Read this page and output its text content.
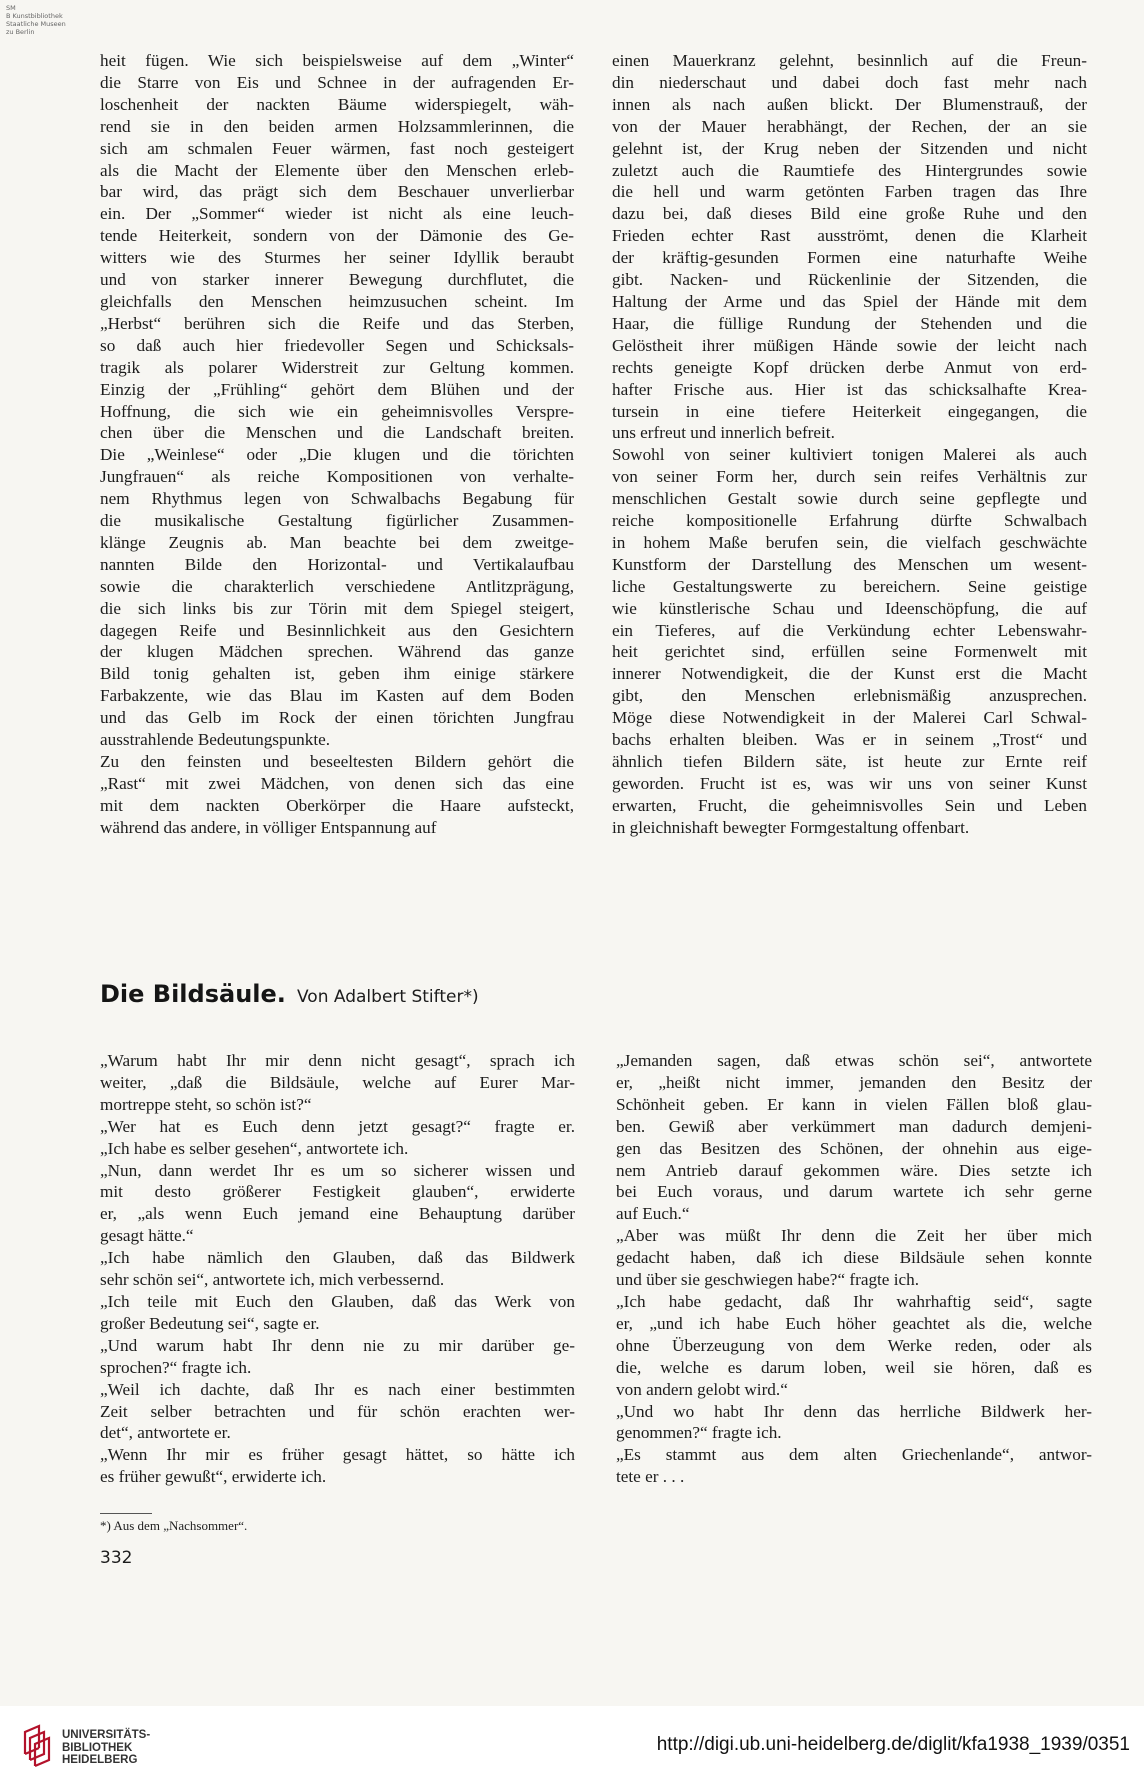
SM
B Kunstbibliothek
Staatliche Museen
zu Berlin
heit fügen. Wie sich beispielsweise auf dem „Winter“
die Starre von Eis und Schnee in der aufragenden Er-
loschenheit der nackten Bäume widerspiegelt, wäh-
rend sie in den beiden armen Holzsammlerinnen, die
sich am schmalen Feuer wärmen, fast noch gesteigert
als die Macht der Elemente über den Menschen erleb-
bar wird, das prägt sich dem Beschauer unverlierbar
ein. Der „Sommer“ wieder ist nicht als eine leuch-
tende Heiterkeit, sondern von der Dämonie des Ge-
witters wie des Sturmes her seiner Idyllik beraubt
und von starker innerer Bewegung durchflutet, die
gleichfalls den Menschen heimzusuchen scheint. Im
„Herbst“ berühren sich die Reife und das Sterben,
so daß auch hier friedevoller Segen und Schicksals-
tragik als polarer Widerstreit zur Geltung kommen.
Einzig der „Frühling“ gehört dem Blühen und der
Hoffnung, die sich wie ein geheimnisvolles Verspre-
chen über die Menschen und die Landschaft breiten.
Die „Weinlese“ oder „Die klugen und die törichten
Jungfrauen“ als reiche Kompositionen von verhalte-
nem Rhythmus legen von Schwalbachs Begabung für
die musikalische Gestaltung figürlicher Zusammen-
klänge Zeugnis ab. Man beachte bei dem zweitge-
nannten Bilde den Horizontal- und Vertikalaufbau
sowie die charakterlich verschiedene Antlitzprägung,
die sich links bis zur Törin mit dem Spiegel steigert,
dagegen Reife und Besinnlichkeit aus den Gesichtern
der klugen Mädchen sprechen. Während das ganze
Bild tonig gehalten ist, geben ihm einige stärkere
Farbakzente, wie das Blau im Kasten auf dem Boden
und das Gelb im Rock der einen törichten Jungfrau
ausstrahlende Bedeutungspunkte.
Zu den feinsten und beseeltesten Bildern gehört die
„Rast“ mit zwei Mädchen, von denen sich das eine
mit dem nackten Oberkörper die Haare aufsteckt,
während das andere, in völliger Entspannung auf
einen Mauerkranz gelehnt, besinnlich auf die Freun-
din niederschaut und dabei doch fast mehr nach
innen als nach außen blickt. Der Blumenstrauß, der
von der Mauer herabhängt, der Rechen, der an sie
gelehnt ist, der Krug neben der Sitzenden und nicht
zuletzt auch die Raumtiefe des Hintergrundes sowie
die hell und warm getönten Farben tragen das Ihre
dazu bei, daß dieses Bild eine große Ruhe und den
Frieden echter Rast ausströmt, denen die Klarheit
der kräftig-gesunden Formen eine naturhafte Weihe
gibt. Nacken- und Rückenlinie der Sitzenden, die
Haltung der Arme und das Spiel der Hände mit dem
Haar, die füllige Rundung der Stehenden und die
Gelöstheit ihrer müßigen Hände sowie der leicht nach
rechts geneigte Kopf drücken derbe Anmut von erd-
hafter Frische aus. Hier ist das schicksalhafte Krea-
tursein in eine tiefere Heiterkeit eingegangen, die
uns erfreut und innerlich befreit.
Sowohl von seiner kultiviert tonigen Malerei als auch
von seiner Form her, durch sein reifes Verhältnis zur
menschlichen Gestalt sowie durch seine gepflegte und
reiche kompositionelle Erfahrung dürfte Schwalbach
in hohem Maße berufen sein, die vielfach geschwächte
Kunstform der Darstellung des Menschen um wesent-
liche Gestaltungswerte zu bereichern. Seine geistige
wie künstlerische Schau und Ideenschöpfung, die auf
ein Tieferes, auf die Verkündung echter Lebenswahr-
heit gerichtet sind, erfüllen seine Formenwelt mit
innerer Notwendigkeit, die der Kunst erst die Macht
gibt, den Menschen erlebnismäßig anzusprechen.
Möge diese Notwendigkeit in der Malerei Carl Schwal-
bachs erhalten bleiben. Was er in seinem „Trost“ und
ähnlich tiefen Bildern säte, ist heute zur Ernte reif
geworden. Frucht ist es, was wir uns von seiner Kunst
erwarten, Frucht, die geheimnisvolles Sein und Leben
in gleichnishaft bewegter Formgestaltung offenbart.
Die Bildsäule. Von Adalbert Stifter*)
„Warum habt Ihr mir denn nicht gesagt“, sprach ich
weiter, „daß die Bildsäule, welche auf Eurer Mar-
mortreppe steht, so schön ist?“
„Wer hat es Euch denn jetzt gesagt?“ fragte er.
„Ich habe es selber gesehen“, antwortete ich.
„Nun, dann werdet Ihr es um so sicherer wissen und
mit desto größerer Festigkeit glauben“, erwiderte
er, „als wenn Euch jemand eine Behauptung darüber
gesagt hätte.“
„Ich habe nämlich den Glauben, daß das Bildwerk
sehr schön sei“, antwortete ich, mich verbessernd.
„Ich teile mit Euch den Glauben, daß das Werk von
großer Bedeutung sei“, sagte er.
„Und warum habt Ihr denn nie zu mir darüber ge-
sprochen?“ fragte ich.
„Weil ich dachte, daß Ihr es nach einer bestimmten
Zeit selber betrachten und für schön erachten wer-
det“, antwortete er.
„Wenn Ihr mir es früher gesagt hättet, so hätte ich
es früher gewußt“, erwiderte ich.
„Jemanden sagen, daß etwas schön sei“, antwortete
er, „heißt nicht immer, jemanden den Besitz der
Schönheit geben. Er kann in vielen Fällen bloß glau-
ben. Gewiß aber verkümmert man dadurch demjeni-
gen das Besitzen des Schönen, der ohnehin aus eige-
nem Antrieb darauf gekommen wäre. Dies setzte ich
bei Euch voraus, und darum wartete ich sehr gerne
auf Euch.“
„Aber was müßt Ihr denn die Zeit her über mich
gedacht haben, daß ich diese Bildsäule sehen konnte
und über sie geschwiegen habe?“ fragte ich.
„Ich habe gedacht, daß Ihr wahrhaftig seid“, sagte
er, „und ich habe Euch höher geachtet als die, welche
ohne Überzeugung von dem Werke reden, oder als
die, welche es darum loben, weil sie hören, daß es
von andern gelobt wird.“
„Und wo habt Ihr denn das herrliche Bildwerk her-
genommen?“ fragte ich.
„Es stammt aus dem alten Griechenlande“, antwor-
tete er . . .
*) Aus dem „Nachsommer“.
332
UNIVERSITÄTS-
BIBLIOTHEK
HEIDELBERG
http://digi.ub.uni-heidelberg.de/diglit/kfa1938_1939/0351
